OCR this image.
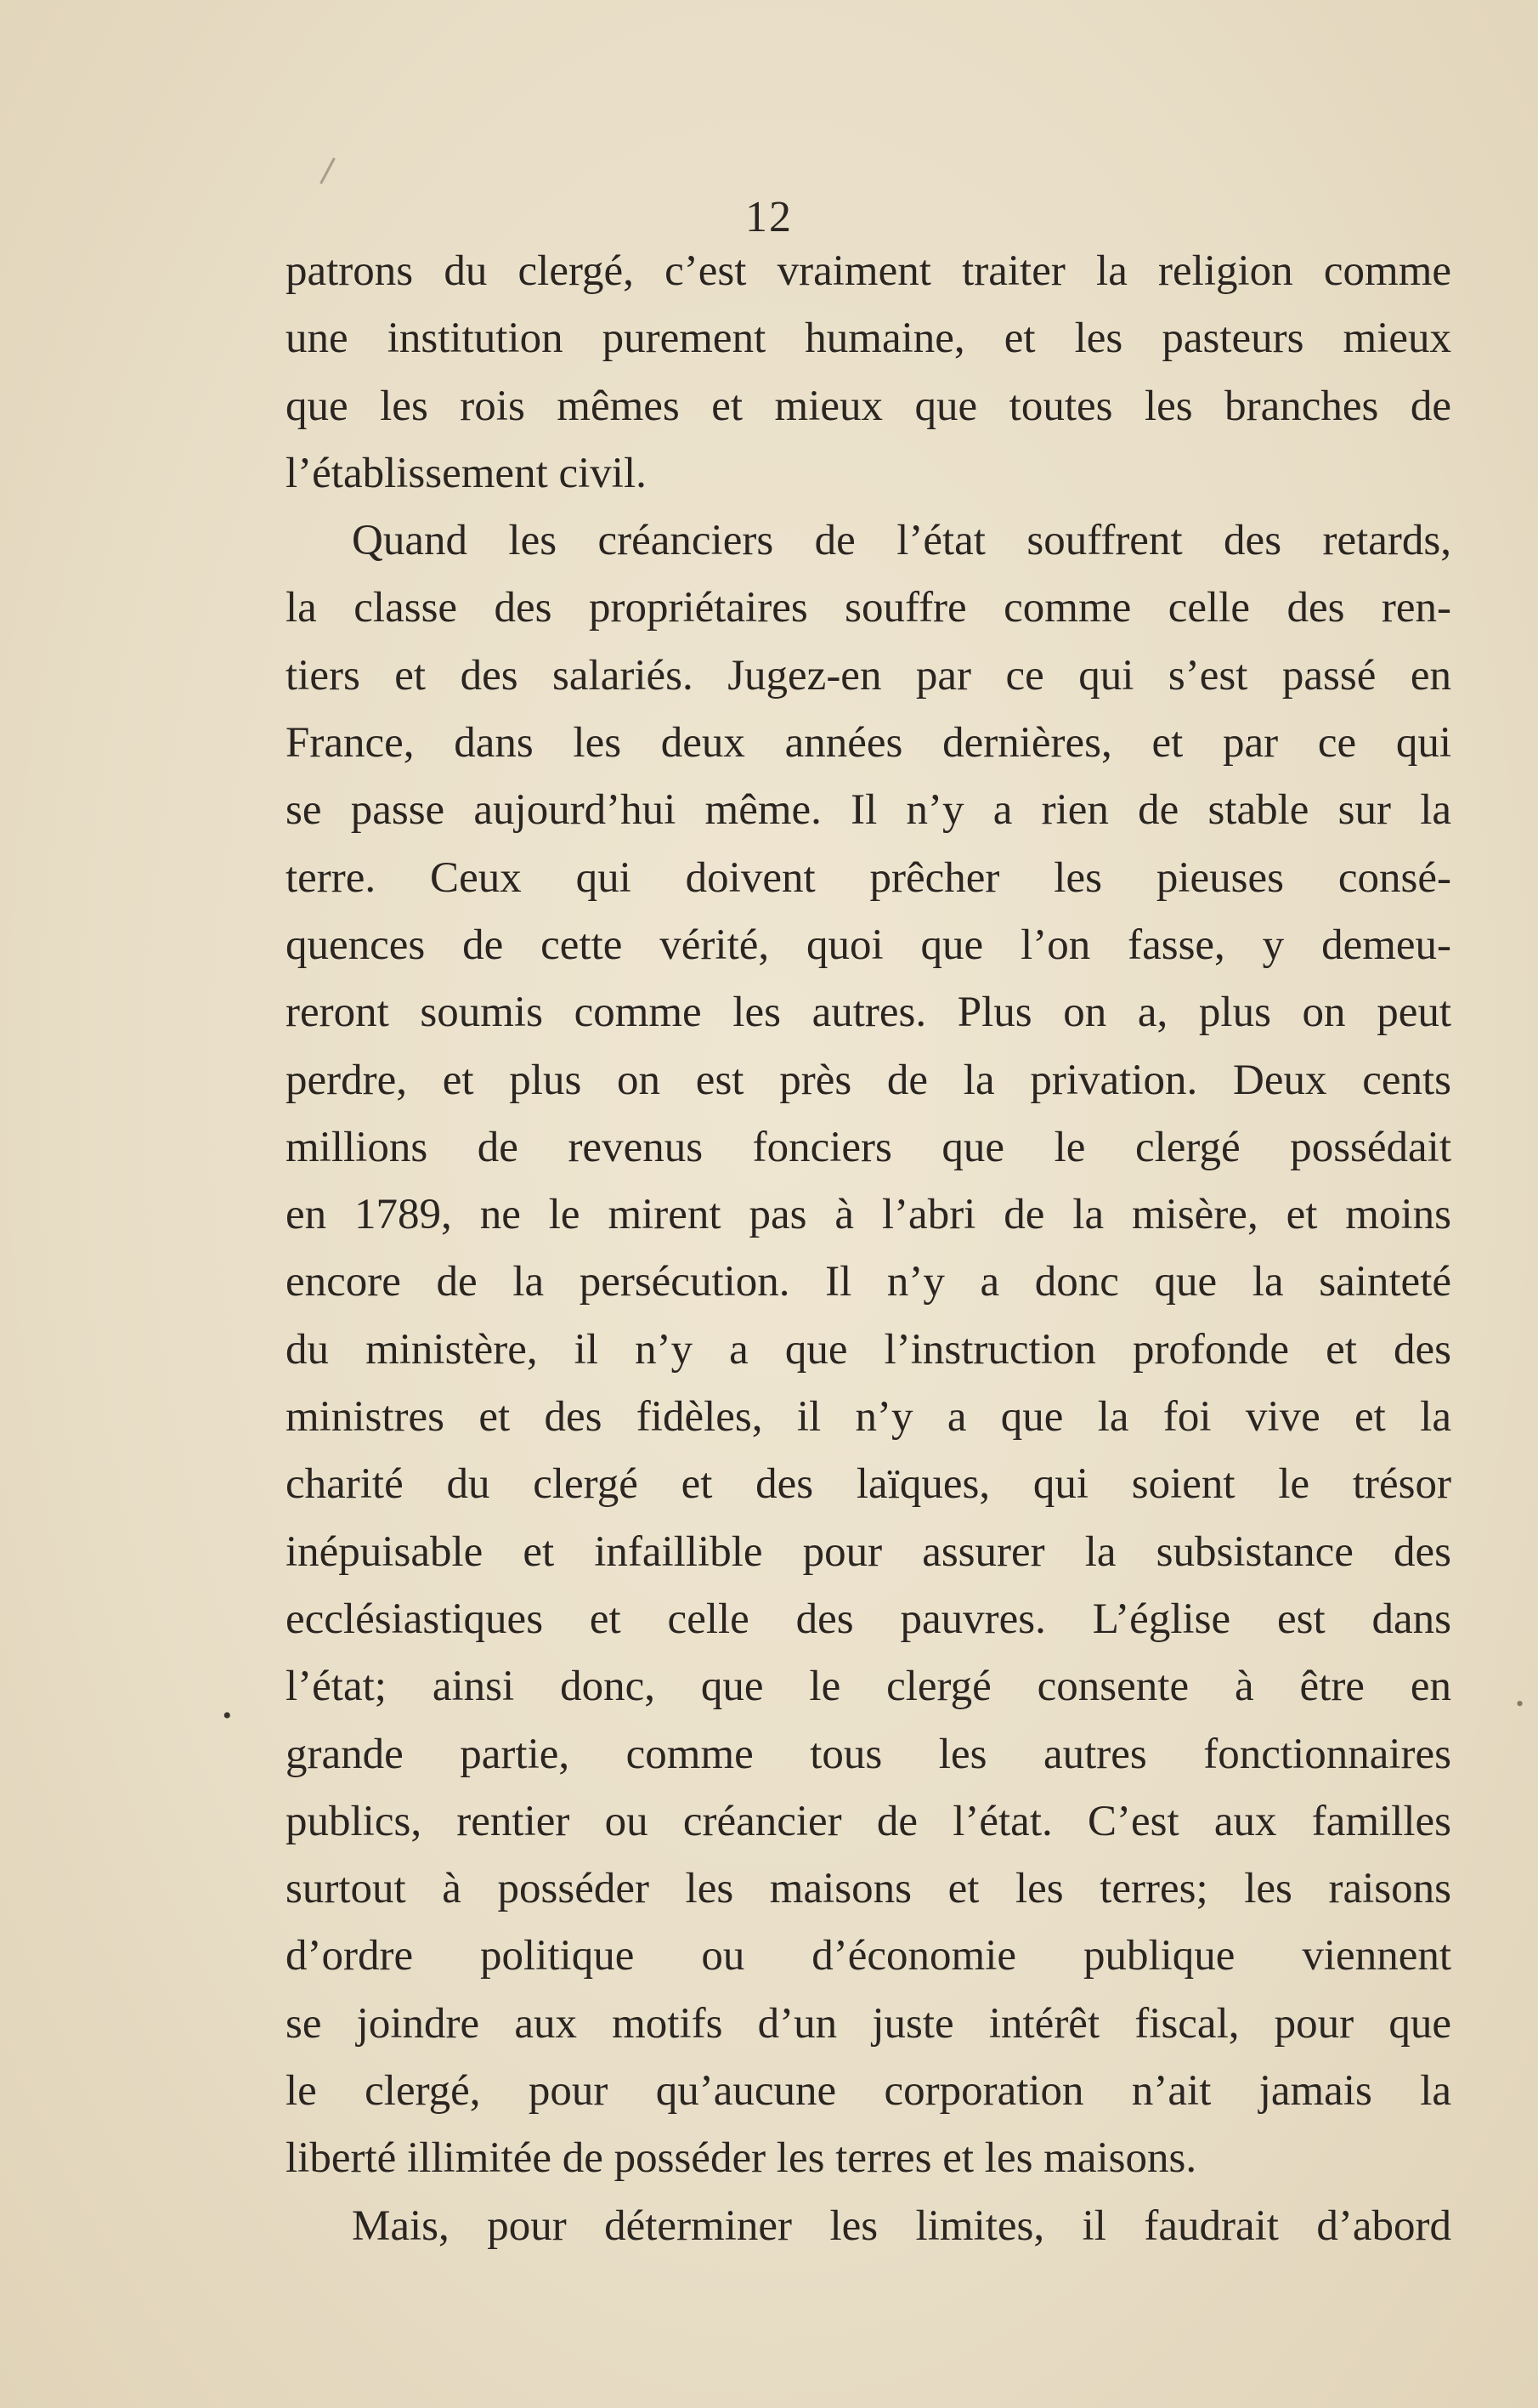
12
patrons du clergé, c’est vraiment traiter la religion comme
une institution purement humaine, et les pasteurs mieux
que les rois mêmes et mieux que toutes les branches de
l’établissement civil.
Quand les créanciers de l’état souffrent des retards,
la classe des propriétaires souffre comme celle des ren-
tiers et des salariés. Jugez-en par ce qui s’est passé en
France, dans les deux années dernières, et par ce qui
se passe aujourd’hui même. Il n’y a rien de stable sur la
terre. Ceux qui doivent prêcher les pieuses consé-
quences de cette vérité, quoi que l’on fasse, y demeu-
reront soumis comme les autres. Plus on a, plus on peut
perdre, et plus on est près de la privation. Deux cents
millions de revenus fonciers que le clergé possédait
en 1789, ne le mirent pas à l’abri de la misère, et moins
encore de la persécution. Il n’y a donc que la sainteté
du ministère, il n’y a que l’instruction profonde et des
ministres et des fidèles, il n’y a que la foi vive et la
charité du clergé et des laïques, qui soient le trésor
inépuisable et infaillible pour assurer la subsistance des
ecclésiastiques et celle des pauvres. L’église est dans
l’état; ainsi donc, que le clergé consente à être en
grande partie, comme tous les autres fonctionnaires
publics, rentier ou créancier de l’état. C’est aux familles
surtout à posséder les maisons et les terres; les raisons
d’ordre politique ou d’économie publique viennent
se joindre aux motifs d’un juste intérêt fiscal, pour que
le clergé, pour qu’aucune corporation n’ait jamais la
liberté illimitée de posséder les terres et les maisons.
Mais, pour déterminer les limites, il faudrait d’abord
•	•
